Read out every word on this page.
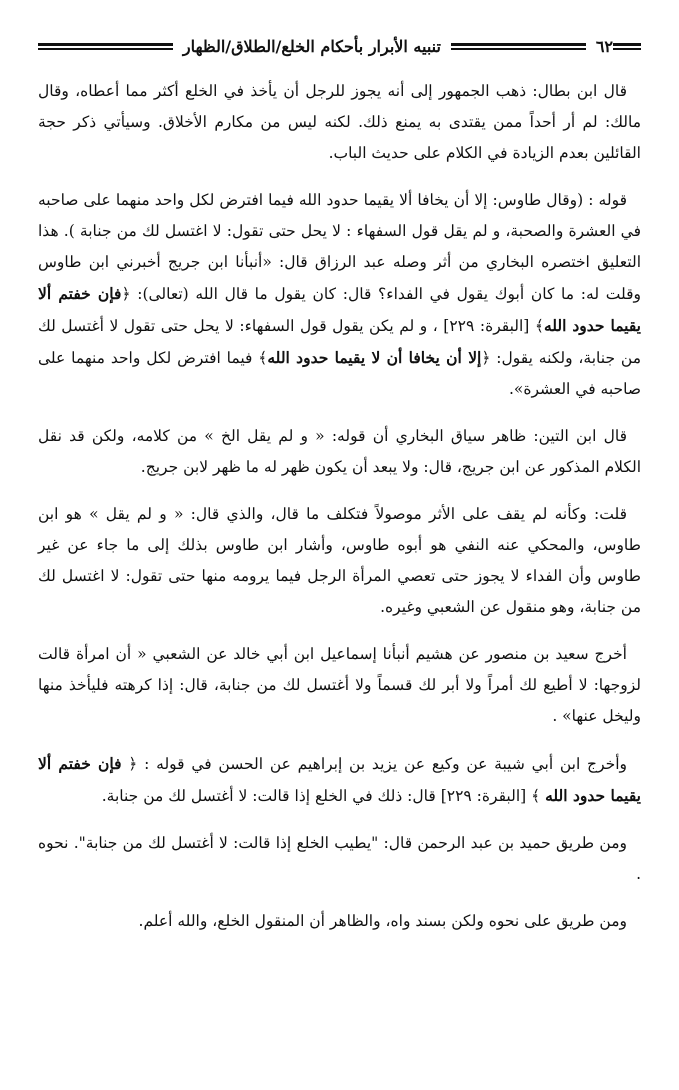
٦٢
تنبيه الأبرار بأحكام الخلع/الطلاق/الظهار

قال ابن بطال: ذهب الجمهور إلى أنه يجوز للرجل أن يأخذ في الخلع أكثر مما أعطاه، وقال مالك: لم أر أحداً ممن يقتدى به يمنع ذلك. لكنه ليس من مكارم الأخلاق. وسيأتي ذكر حجة القائلين بعدم الزيادة في الكلام على حديث الباب.

قوله : (وقال طاوس: إلا أن يخافا ألا يقيما حدود الله فيما افترض لكل واحد منهما على صاحبه في العشرة والصحبة، و لم يقل قول السفهاء : لا يحل حتى تقول: لا اغتسل لك من جنابة ). هذا التعليق اختصره البخاري من أثر وصله عبد الرزاق قال: «أنبأنا ابن جريج أخبرني ابن طاوس وقلت له: ما كان أبوك يقول في الفداء؟ قال: كان يقول ما قال الله (تعالى): ﴿فإن خفتم ألا يقيما حدود الله﴾ [البقرة: ٢٢٩] ، و لم يكن يقول قول السفهاء: لا يحل حتى تقول لا أغتسل لك من جنابة، ولكنه يقول: ﴿إلا أن يخافا أن لا يقيما حدود الله﴾ فيما افترض لكل واحد منهما على صاحبه في العشرة».

قال ابن التين: ظاهر سياق البخاري أن قوله: « و لم يقل الخ » من كلامه، ولكن قد نقل الكلام المذكور عن ابن جريج، قال: ولا يبعد أن يكون ظهر له ما ظهر لابن جريج.

قلت: وكأنه لم يقف على الأثر موصولاً فتكلف ما قال، والذي قال: « و لم يقل » هو ابن طاوس، والمحكي عنه النفي هو أبوه طاوس، وأشار ابن طاوس بذلك إلى ما جاء عن غير طاوس وأن الفداء لا يجوز حتى تعصي المرأة الرجل فيما يرومه منها حتى تقول: لا اغتسل لك من جنابة، وهو منقول عن الشعبي وغيره.

أخرج سعيد بن منصور عن هشيم أنبأنا إسماعيل ابن أبي خالد عن الشعبي « أن امرأة قالت لزوجها: لا أطيع لك أمراً ولا أبر لك قسماً ولا أغتسل لك من جنابة، قال: إذا كرهته فليأخذ منها وليخل عنها» .

وأخرج ابن أبي شيبة عن وكيع عن يزيد بن إبراهيم عن الحسن في قوله : ﴿ فإن خفتم ألا يقيما حدود الله ﴾ [البقرة: ٢٢٩] قال: ذلك في الخلع إذا قالت: لا أغتسل لك من جنابة.

ومن طريق حميد بن عبد الرحمن قال: "يطيب الخلع إذا قالت: لا أغتسل لك من جنابة". نحوه .

ومن طريق على نحوه ولكن بسند واه، والظاهر أن المنقول الخلع، والله أعلم.
